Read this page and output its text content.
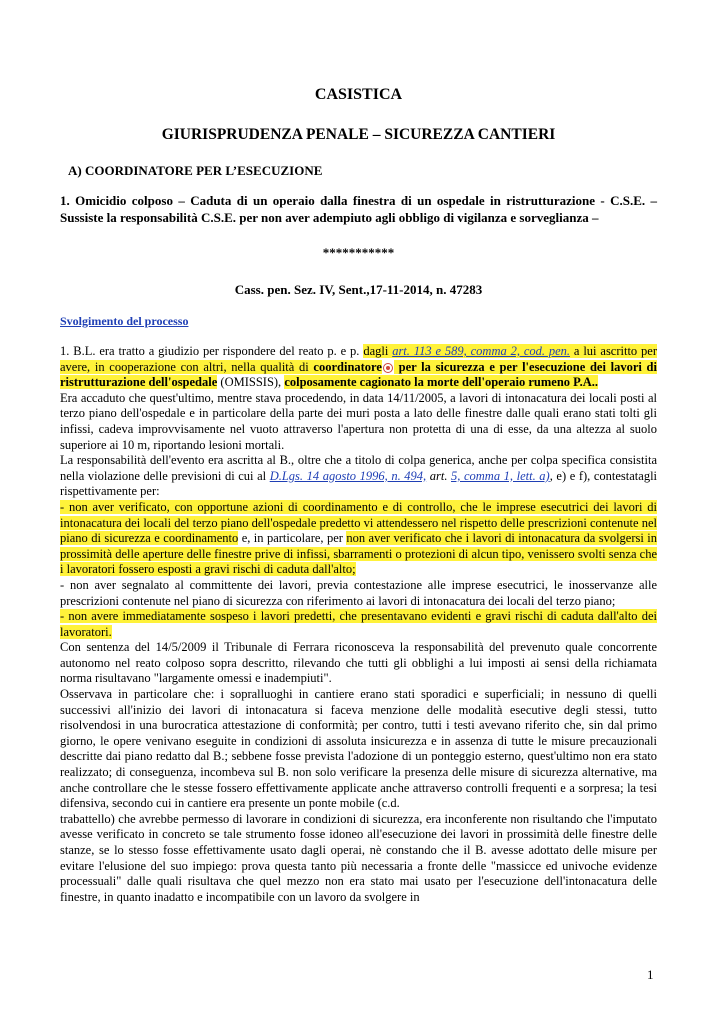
CASISTICA
GIURISPRUDENZA PENALE – SICUREZZA CANTIERI
A) COORDINATORE PER L’ESECUZIONE
1. Omicidio colposo – Caduta di un operaio dalla finestra di un ospedale in ristrutturazione - C.S.E. – Sussiste la responsabilità C.S.E. per non aver adempiuto agli obbligo di vigilanza e sorveglianza –
***********
Cass. pen. Sez. IV, Sent.,17-11-2014, n. 47283
Svolgimento del processo

1. B.L. era tratto a giudizio per rispondere del reato p. e p. dagli art. 113 e 589, comma 2, cod. pen. a lui ascritto per avere, in cooperazione con altri, nella qualità di coordinatore per la sicurezza e per l'esecuzione dei lavori di ristrutturazione dell'ospedale (OMISSIS), colposamente cagionato la morte dell'operaio rumeno P.A..

Era accaduto che quest'ultimo, mentre stava procedendo, in data 14/11/2005, a lavori di intonacatura dei locali posti al terzo piano dell'ospedale e in particolare della parte dei muri posta a lato delle finestre dalle quali erano stati tolti gli infissi, cadeva improvvisamente nel vuoto attraverso l'apertura non protetta di una di esse, da una altezza al suolo superiore ai 10 m, riportando lesioni mortali.

La responsabilità dell'evento era ascritta al B., oltre che a titolo di colpa generica, anche per colpa specifica consistita nella violazione delle previsioni di cui al D.Lgs. 14 agosto 1996, n. 494, art. 5, comma 1, lett. a), e) e f), contestatagli rispettivamente per:

- non aver verificato, con opportune azioni di coordinamento e di controllo, che le imprese esecutrici dei lavori di intonacatura dei locali del terzo piano dell'ospedale predetto vi attendessero nel rispetto delle prescrizioni contenute nel piano di sicurezza e coordinamento e, in particolare, per non aver verificato che i lavori di intonacatura da svolgersi in prossimità delle aperture delle finestre prive di infissi, sbarramenti o protezioni di alcun tipo, venissero svolti senza che i lavoratori fossero esposti a gravi rischi di caduta dall'alto;

- non aver segnalato al committente dei lavori, previa contestazione alle imprese esecutrici, le inosservanze alle prescrizioni contenute nel piano di sicurezza con riferimento ai lavori di intonacatura dei locali del terzo piano;

- non avere immediatamente sospeso i lavori predetti, che presentavano evidenti e gravi rischi di caduta dall'alto dei lavoratori.

Con sentenza del 14/5/2009 il Tribunale di Ferrara riconosceva la responsabilità del prevenuto quale concorrente autonomo nel reato colposo sopra descritto, rilevando che tutti gli obblighi a lui imposti ai sensi della richiamata norma risultavano "largamente omessi e inadempiuti".

Osservava in particolare che: i sopralluoghi in cantiere erano stati sporadici e superficiali; in nessuno di quelli successivi all'inizio dei lavori di intonacatura si faceva menzione delle modalità esecutive degli stessi, tutto risolvendosi in una burocratica attestazione di conformità; per contro, tutti i testi avevano riferito che, sin dal primo giorno, le opere venivano eseguite in condizioni di assoluta insicurezza e in assenza di tutte le misure precauzionali descritte dai piano redatto dal B.; sebbene fosse prevista l'adozione di un ponteggio esterno, quest'ultimo non era stato realizzato; di conseguenza, incombeva sul B. non solo verificare la presenza delle misure di sicurezza alternative, ma anche controllare che le stesse fossero effettivamente applicate anche attraverso controlli frequenti e a sorpresa; la tesi difensiva, secondo cui in cantiere era presente un ponte mobile (c.d.

trabattello) che avrebbe permesso di lavorare in condizioni di sicurezza, era inconferente non risultando che l'imputato avesse verificato in concreto se tale strumento fosse idoneo all'esecuzione dei lavori in prossimità delle finestre delle stanze, se lo stesso fosse effettivamente usato dagli operai, nè constando che il B. avesse adottato delle misure per evitare l'elusione del suo impiego: prova questa tanto più necessaria a fronte delle "massicce ed univoche evidenze processuali" dalle quali risultava che quel mezzo non era stato mai usato per l'esecuzione dell'intonacatura delle finestre, in quanto inadatto e incompatibile con un lavoro da svolgere in

1
